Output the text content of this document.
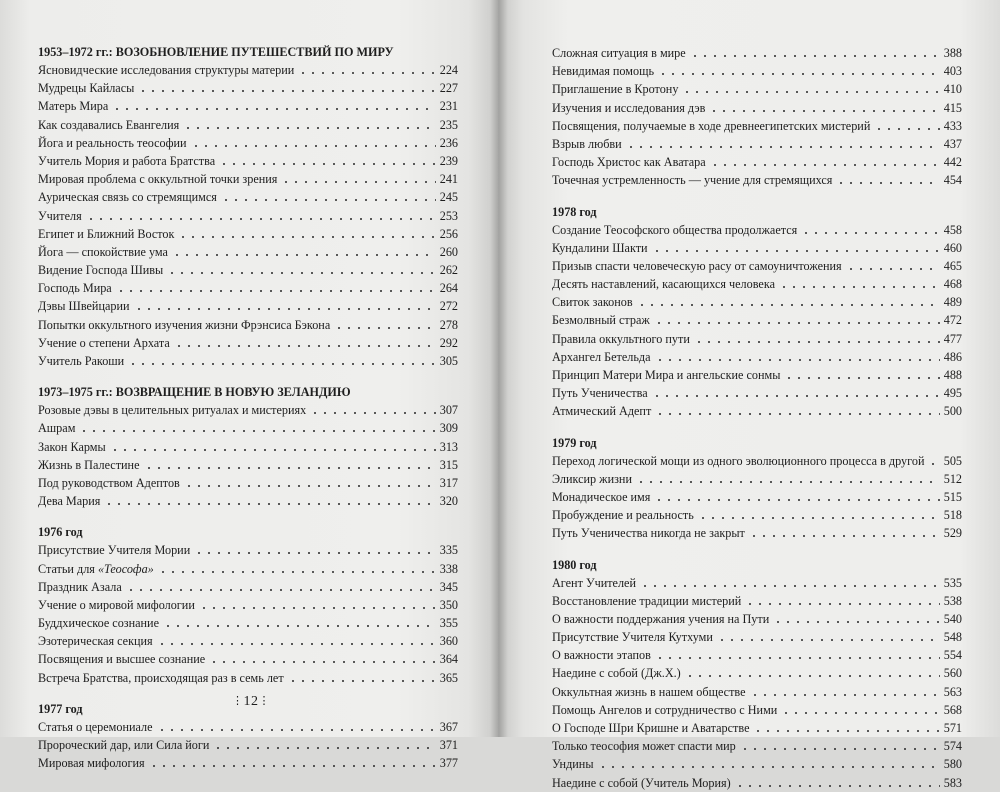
1953–1972 гг.: ВОЗОБНОВЛЕНИЕ ПУТЕШЕСТВИЙ ПО МИРУ
Ясновидческие исследования структуры материи	224
Мудрецы Кайласы	227
Матерь Мира	231
Как создавались Евангелия	235
Йога и реальность теософии	236
Учитель Мория и работа Братства	239
Мировая проблема с оккультной точки зрения	241
Аурическая связь со стремящимся	245
Учителя	253
Египет и Ближний Восток	256
Йога — спокойствие ума	260
Видение Господа Шивы	262
Господь Мира	264
Дэвы Швейцарии	272
Попытки оккультного изучения жизни Фрэнсиса Бэкона	278
Учение о степени Архата	292
Учитель Ракоши	305
1973–1975 гг.: ВОЗВРАЩЕНИЕ В НОВУЮ ЗЕЛАНДИЮ
Розовые дэвы в целительных ритуалах и мистериях	307
Ашрам	309
Закон Кармы	313
Жизнь в Палестине	315
Под руководством Адептов	317
Дева Мария	320
1976 год
Присутствие Учителя Мории	335
Статьи для «Теософа»	338
Праздник Азала	345
Учение о мировой мифологии	350
Буддхическое сознание	355
Эзотерическая секция	360
Посвящения и высшее сознание	364
Встреча Братства, происходящая раз в семь лет	365
1977 год
Статья о церемониале	367
Пророческий дар, или Сила йоги	371
Мировая мифология	377
⋮12⋮
Сложная ситуация в мире	388
Невидимая помощь	403
Приглашение в Кротону	410
Изучения и исследования дэв	415
Посвящения, получаемые в ходе древнеегипетских мистерий	433
Взрыв любви	437
Господь Христос как Аватара	442
Точечная устремленность — учение для стремящихся	454
1978 год
Создание Теософского общества продолжается	458
Кундалини Шакти	460
Призыв спасти человеческую расу от самоуничтожения	465
Десять наставлений, касающихся человека	468
Свиток законов	489
Безмолвный страж	472
Правила оккультного пути	477
Архангел Бетельда	486
Принцип Матери Мира и ангельские сонмы	488
Путь Ученичества	495
Атмический Адепт	500
1979 год
Переход логической мощи из одного эволюционного процесса в другой 505
Эликсир жизни	512
Монадическое имя	515
Пробуждение и реальность	518
Путь Ученичества никогда не закрыт	529
1980 год
Агент Учителей	535
Восстановление традиции мистерий	538
О важности поддержания учения на Пути	540
Присутствие Учителя Кутхуми	548
О важности этапов	554
Наедине с собой (Дж.Х.)	560
Оккультная жизнь в нашем обществе	563
Помощь Ангелов и сотрудничество с Ними	568
О Господе Шри Кришне и Аватарстве	571
Только теософия может спасти мир	574
Ундины	580
Наедине с собой (Учитель Мория)	583
